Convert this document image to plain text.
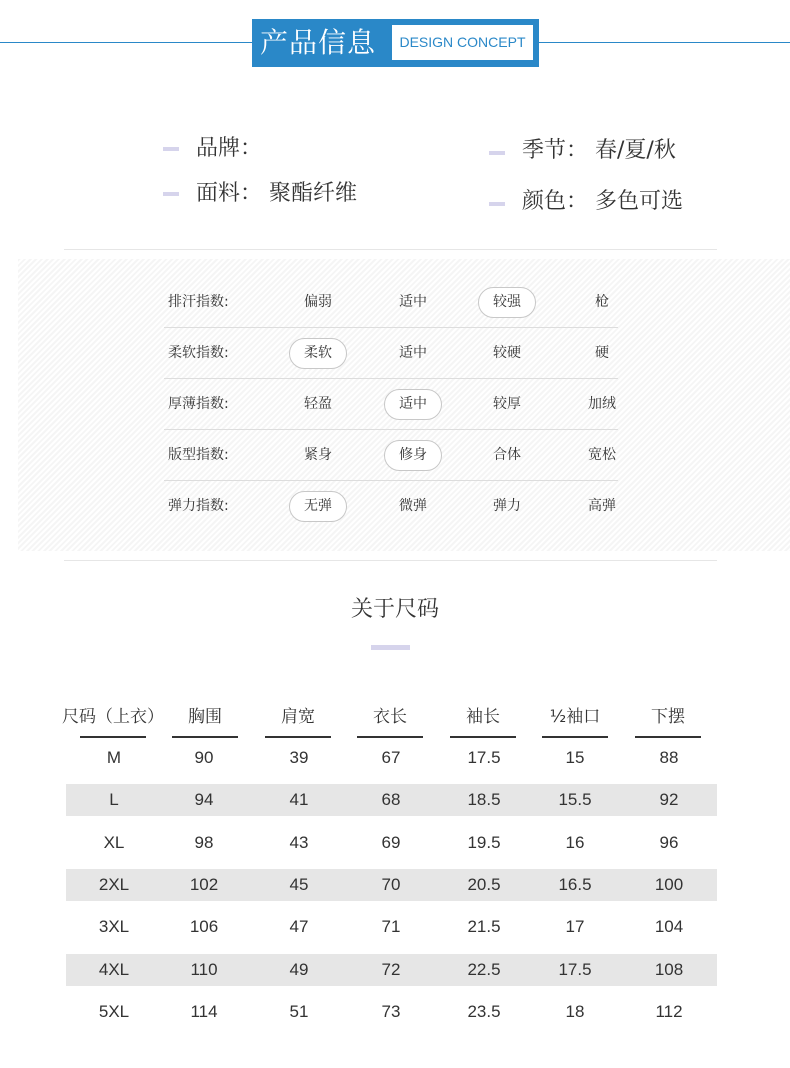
产品信息	DESIGN CONCEPT
品牌：
面料： 聚酯纤维
季节： 春/夏/秋
颜色： 多色可选
排汗指数:	偏弱	适中	较强	枪
柔软指数:	柔软	适中	较硬	硬
厚薄指数:	轻盈	适中	较厚	加绒
版型指数:	紧身	修身	合体	宽松
弹力指数:	无弹	微弹	弹力	高弹
关于尺码
尺码（上衣）	胸围	肩宽	衣长	袖长	½袖口	下摆
M	90	39	67	17.5	15	88
L	94	41	68	18.5	15.5	92
XL	98	43	69	19.5	16	96
2XL	102	45	70	20.5	16.5	100
3XL	106	47	71	21.5	17	104
4XL	110	49	72	22.5	17.5	108
5XL	114	51	73	23.5	18	112
